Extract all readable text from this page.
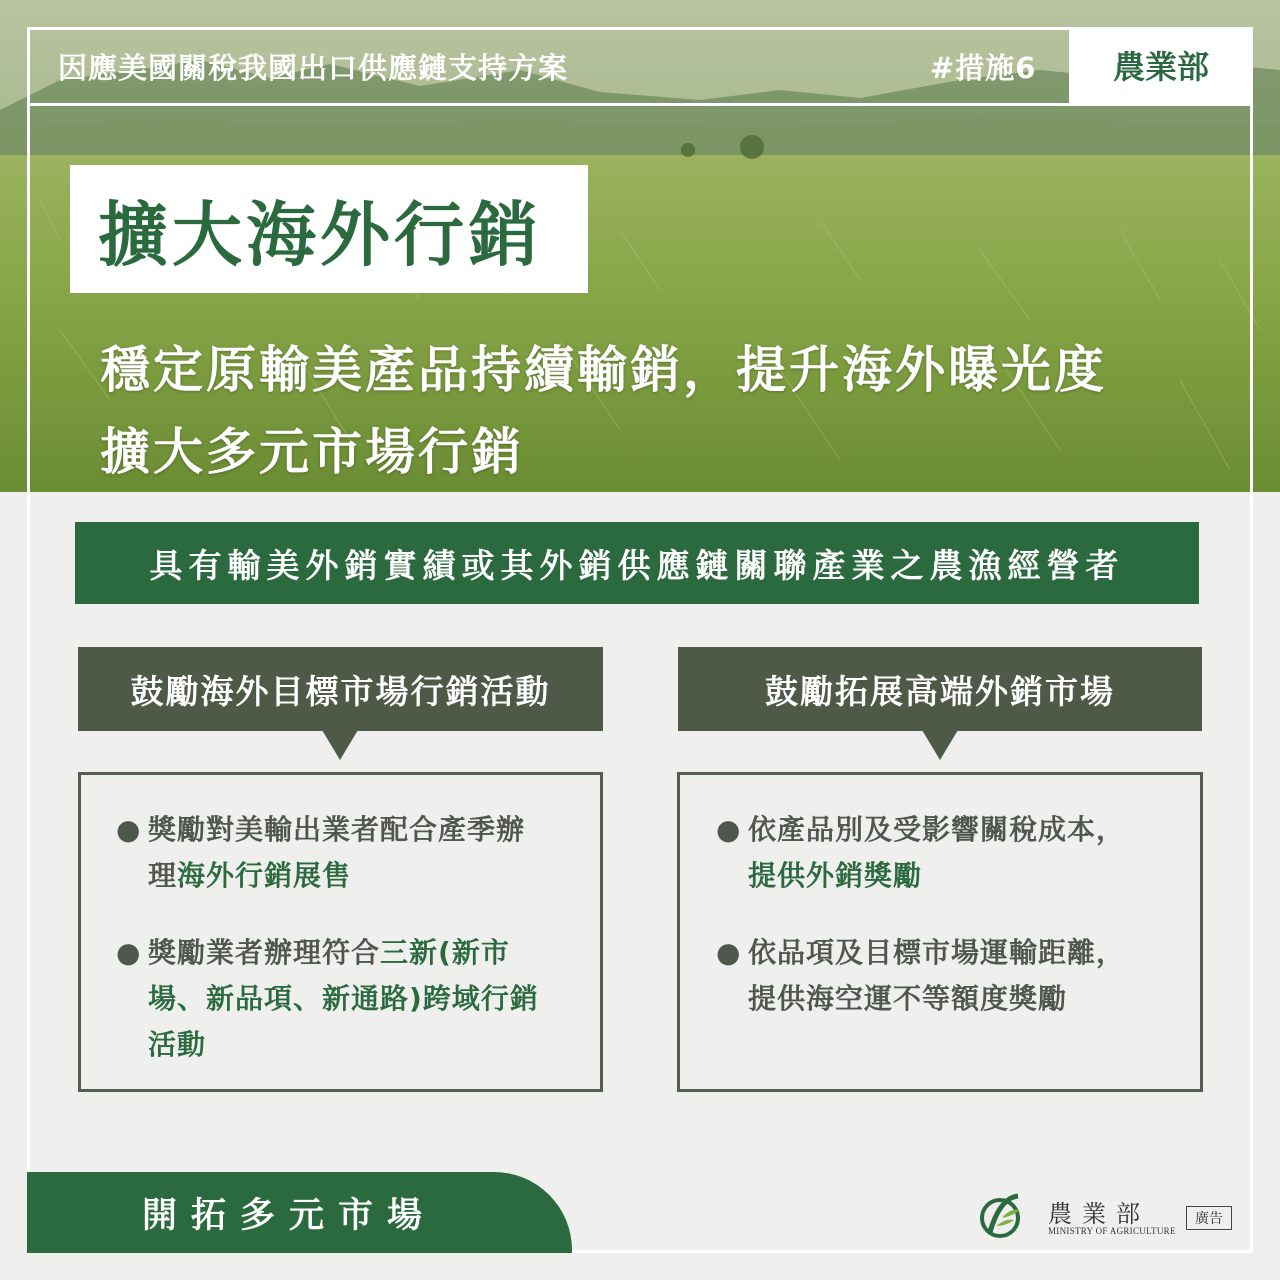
因應美國關稅我國出口供應鏈支持方案	#措施6 農業部
擴大海外行銷
穩定原輸美產品持續輸銷，提升海外曝光度
擴大多元市場行銷
具有輸美外銷實績或其外銷供應鏈關聯產業之農漁經營者
鼓勵海外目標市場行銷活動
● 獎勵對美輸出業者配合產季辦
理海外行銷展售
● 獎勵業者辦理符合三新(新市
場、新品項、新通路)跨域行銷
活動
鼓勵拓展高端外銷市場
● 依產品別及受影響關稅成本，
提供外銷獎勵
● 依品項及目標市場運輸距離，
提供海空運不等額度獎勵
開拓多元市場	農業部
MINISTRY OF AGRICULTURE
廣告
